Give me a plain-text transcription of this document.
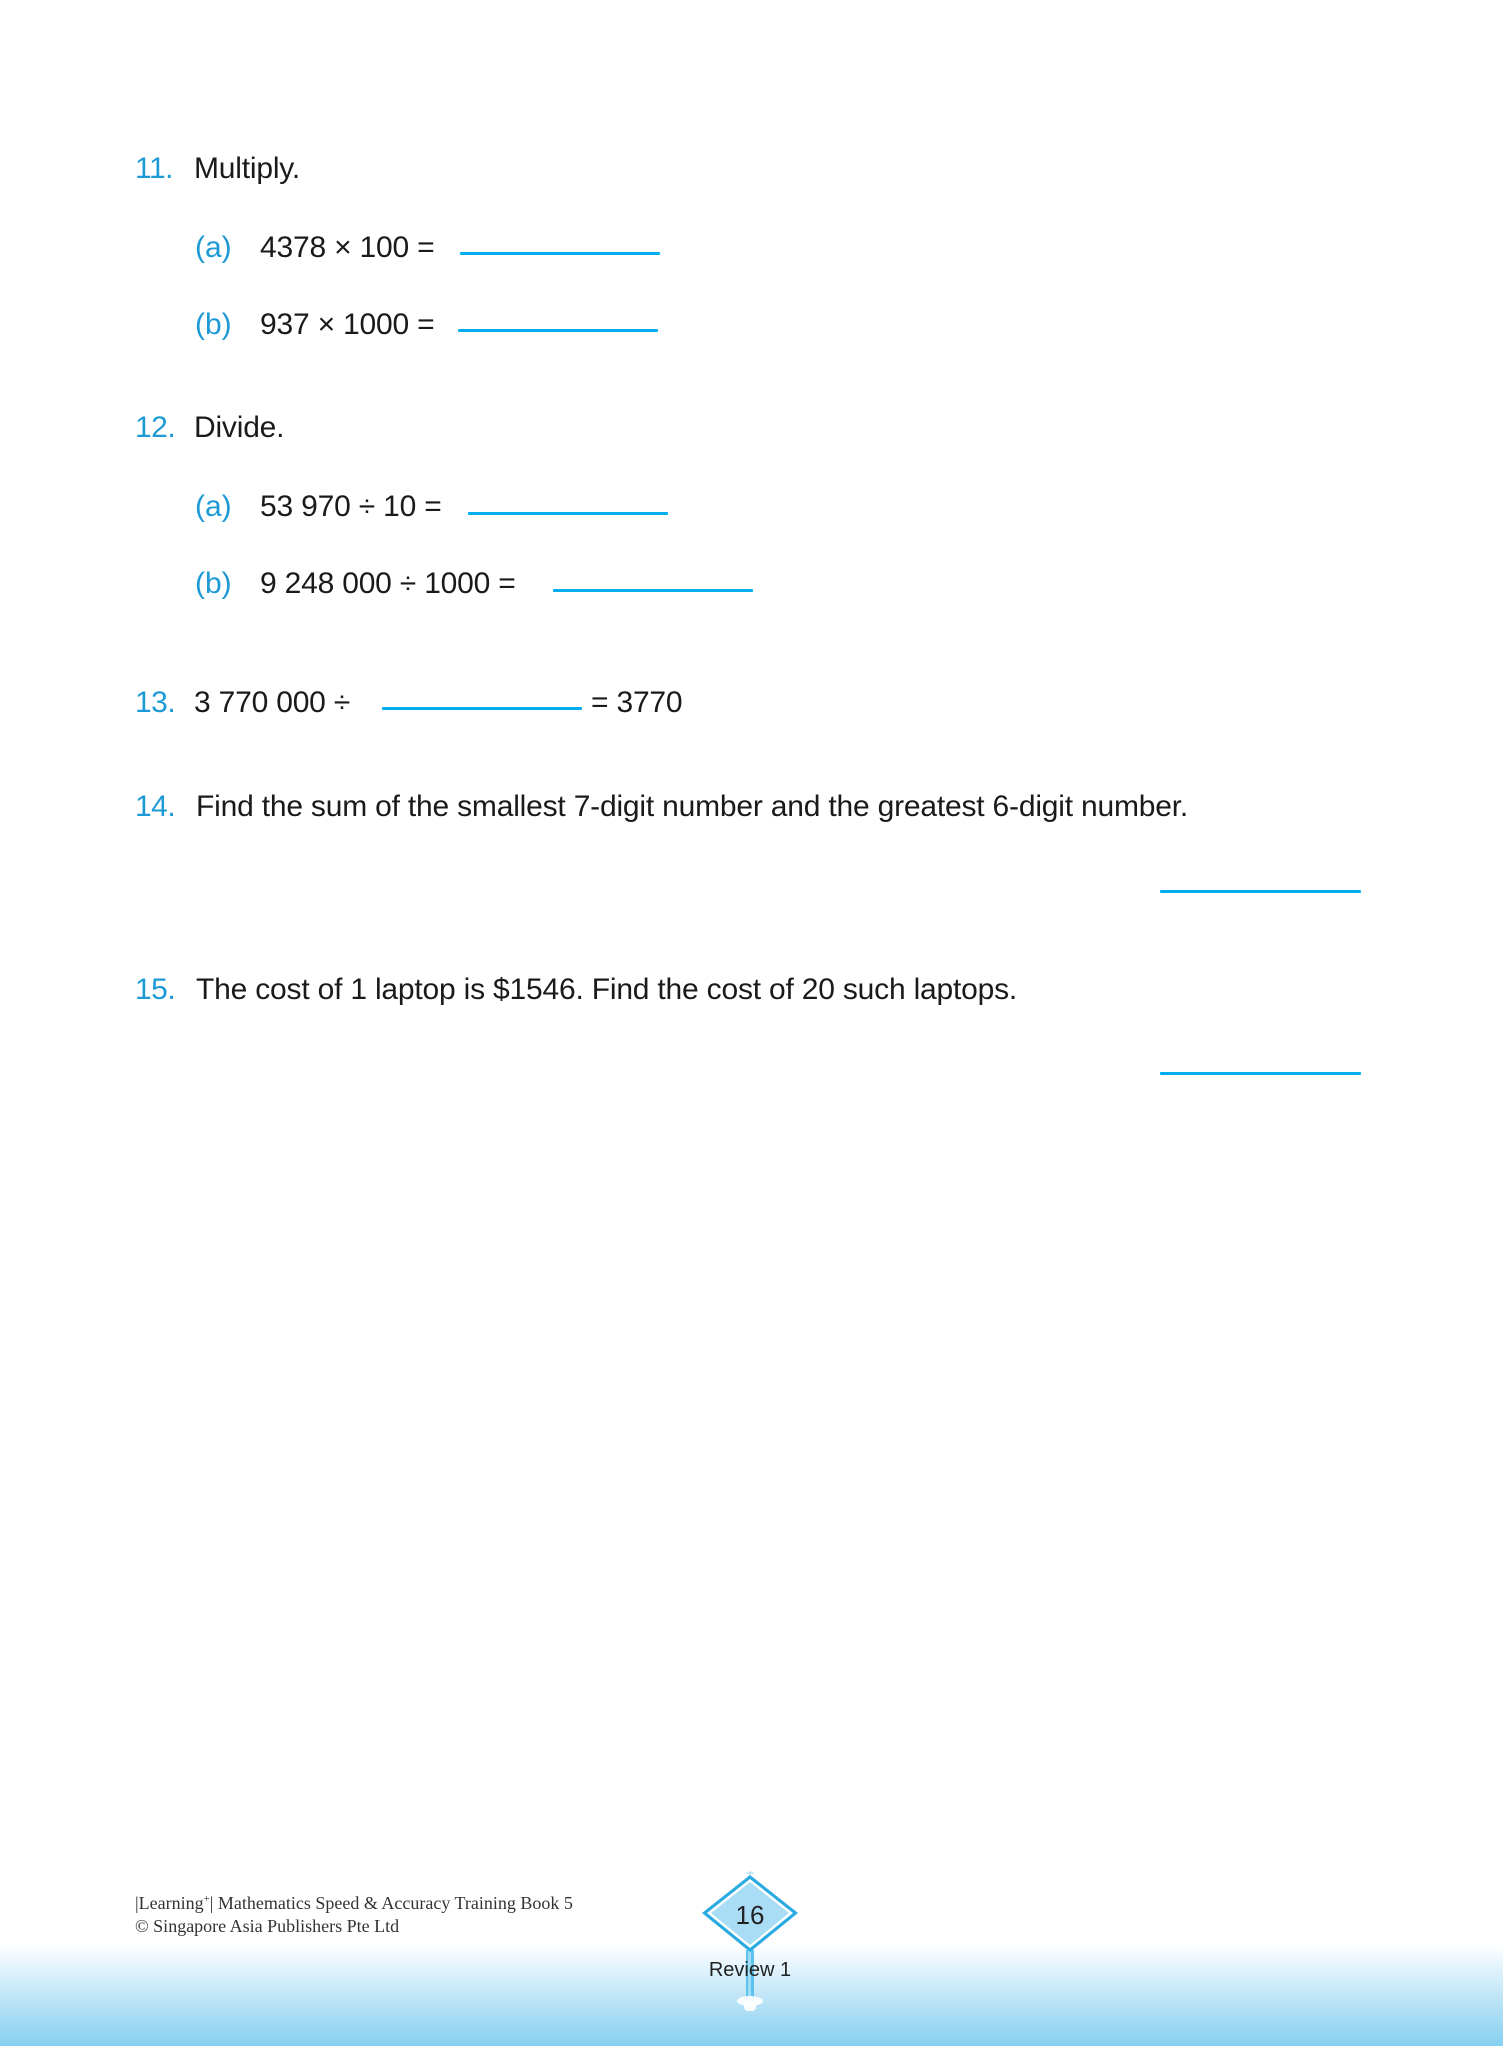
11. Multiply.
(a) 4378 × 100 =
(b) 937 × 1000 =
12. Divide.
(a) 53 970 ÷ 10 =
(b) 9 248 000 ÷ 1000 =
13. 3 770 000 ÷	= 3770
14. Find the sum of the smallest 7-digit number and the greatest 6-digit number.
15. The cost of 1 laptop is $1546. Find the cost of 20 such laptops.
|Learning+| Mathematics Speed & Accuracy Training Book 5
© Singapore Asia Publishers Pte Ltd	16
Review 1
